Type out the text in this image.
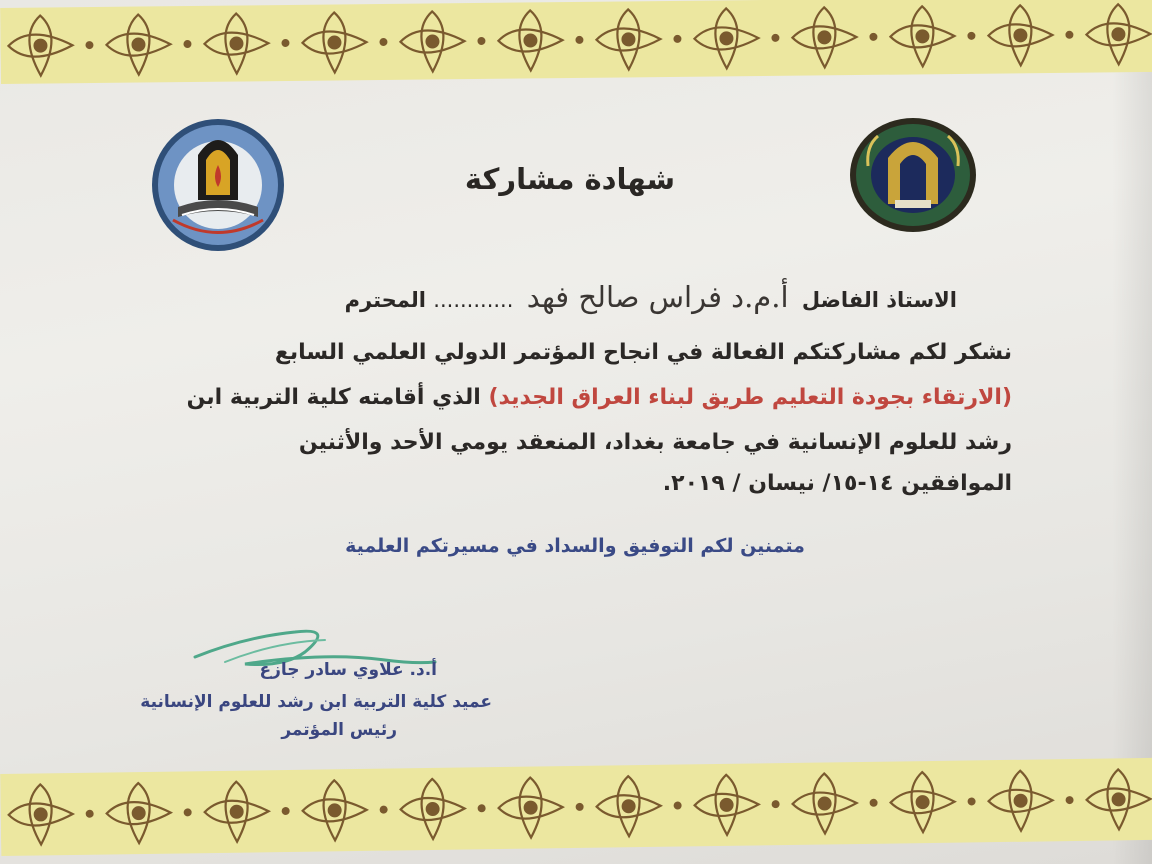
شهادة مشاركة
الاستاذ الفاضل أ.م.د فراس صالح فهد ............ المحترم
نشكر لكم مشاركتكم الفعالة في انجاح المؤتمر الدولي العلمي السابع
(الارتقاء بجودة التعليم طريق لبناء العراق الجديد) الذي أقامته كلية التربية ابن
رشد للعلوم الإنسانية في جامعة بغداد، المنعقد يومي الأحد والأثنين
الموافقين ١٤-١٥/ نيسان / ٢٠١٩.
متمنين لكم التوفيق والسداد في مسيرتكم العلمية
أ.د. علاوي سادر جازع
عميد كلية التربية ابن رشد للعلوم الإنسانية
رئيس المؤتمر
